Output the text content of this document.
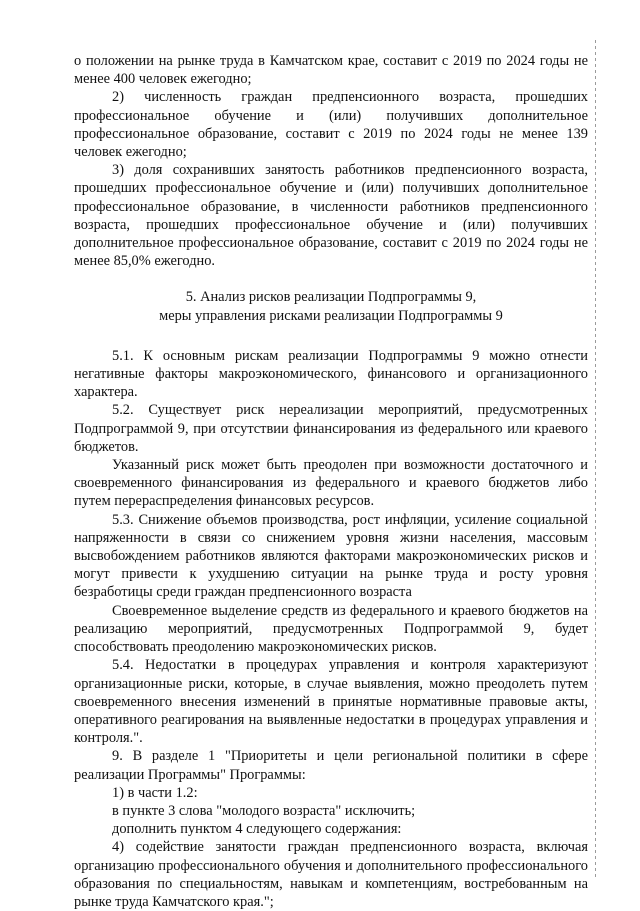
о положении на рынке труда в Камчатском крае, составит с 2019 по 2024 годы не менее 400 человек ежегодно;

2) численность граждан предпенсионного возраста, прошедших профессиональное обучение и (или) получивших дополнительное профессиональное образование, составит с 2019 по 2024 годы не менее 139 человек ежегодно;

3) доля сохранивших занятость работников предпенсионного возраста, прошедших профессиональное обучение и (или) получивших дополнительное профессиональное образование, в численности работников предпенсионного возраста, прошедших профессиональное обучение и (или) получивших дополнительное профессиональное образование, составит с 2019 по 2024 годы не менее 85,0% ежегодно.

5. Анализ рисков реализации Подпрограммы 9,
меры управления рисками реализации Подпрограммы 9

5.1. К основным рискам реализации Подпрограммы 9 можно отнести негативные факторы макроэкономического, финансового и организационного характера.

5.2. Существует риск нереализации мероприятий, предусмотренных Подпрограммой 9, при отсутствии финансирования из федерального или краевого бюджетов.

Указанный риск может быть преодолен при возможности достаточного и своевременного финансирования из федерального и краевого бюджетов либо путем перераспределения финансовых ресурсов.

5.3. Снижение объемов производства, рост инфляции, усиление социальной напряженности в связи со снижением уровня жизни населения, массовым высвобождением работников являются факторами макроэкономических рисков и могут привести к ухудшению ситуации на рынке труда и росту уровня безработицы среди граждан предпенсионного возраста

Своевременное выделение средств из федерального и краевого бюджетов на реализацию мероприятий, предусмотренных Подпрограммой 9, будет способствовать преодолению макроэкономических рисков.

5.4. Недостатки в процедурах управления и контроля характеризуют организационные риски, которые, в случае выявления, можно преодолеть путем своевременного внесения изменений в принятые нормативные правовые акты, оперативного реагирования на выявленные недостатки в процедурах управления и контроля.".

9. В разделе 1 "Приоритеты и цели региональной политики в сфере реализации Программы" Программы:

1) в части 1.2:

в пункте 3 слова "молодого возраста" исключить;

дополнить пунктом 4 следующего содержания:

4) содействие занятости граждан предпенсионного возраста, включая организацию профессионального обучения и дополнительного профессионального образования по специальностям, навыкам и компетенциям, востребованным на рынке труда Камчатского края.";
